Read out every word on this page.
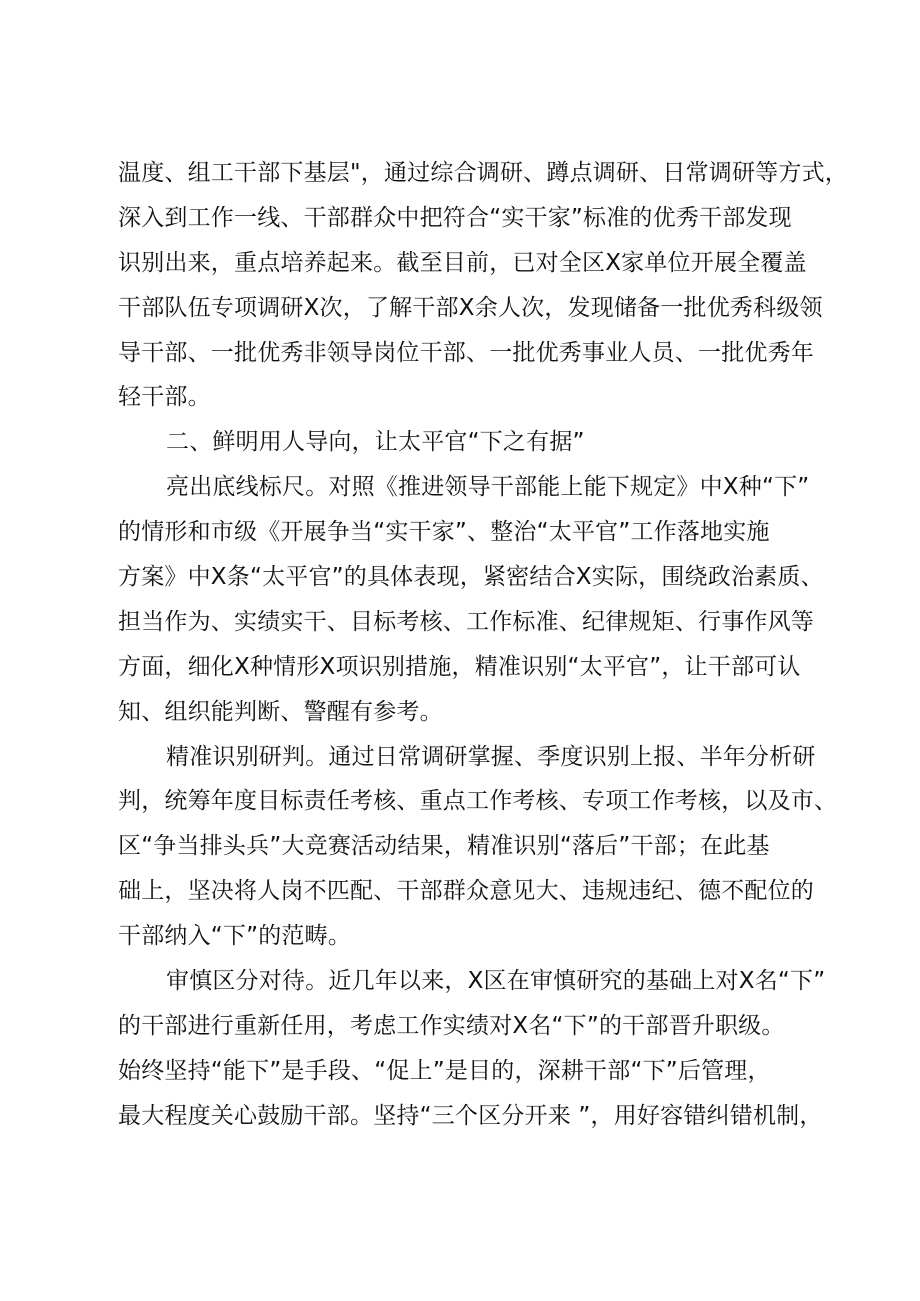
温度、组工干部下基层"，通过综合调研、蹲点调研、日常调研等方式，
深入到工作一线、干部群众中把符合“实干家”标准的优秀干部发现
识别出来，重点培养起来。截至目前，已对全区X家单位开展全覆盖
干部队伍专项调研X次，了解干部X余人次，发现储备一批优秀科级领
导干部、一批优秀非领导岗位干部、一批优秀事业人员、一批优秀年
轻干部。
二、鲜明用人导向，让太平官“下之有据”
亮出底线标尺。对照《推进领导干部能上能下规定》中X种“下”
的情形和市级《开展争当“实干家”、整治“太平官”工作落地实施
方案》中X条“太平官”的具体表现，紧密结合X实际，围绕政治素质、
担当作为、实绩实干、目标考核、工作标准、纪律规矩、行事作风等
方面，细化X种情形X项识别措施，精准识别“太平官”，让干部可认
知、组织能判断、警醒有参考。
精准识别研判。通过日常调研掌握、季度识别上报、半年分析研
判，统筹年度目标责任考核、重点工作考核、专项工作考核，以及市、
区“争当排头兵”大竞赛活动结果，精准识别“落后”干部；在此基
础上，坚决将人岗不匹配、干部群众意见大、违规违纪、德不配位的
干部纳入“下”的范畴。
审慎区分对待。近几年以来，X区在审慎研究的基础上对X名“下”
的干部进行重新任用，考虑工作实绩对X名“下”的干部晋升职级。
始终坚持“能下”是手段、“促上”是目的，深耕干部“下”后管理，
最大程度关心鼓励干部。坚持“三个区分开来 ”，用好容错纠错机制，
